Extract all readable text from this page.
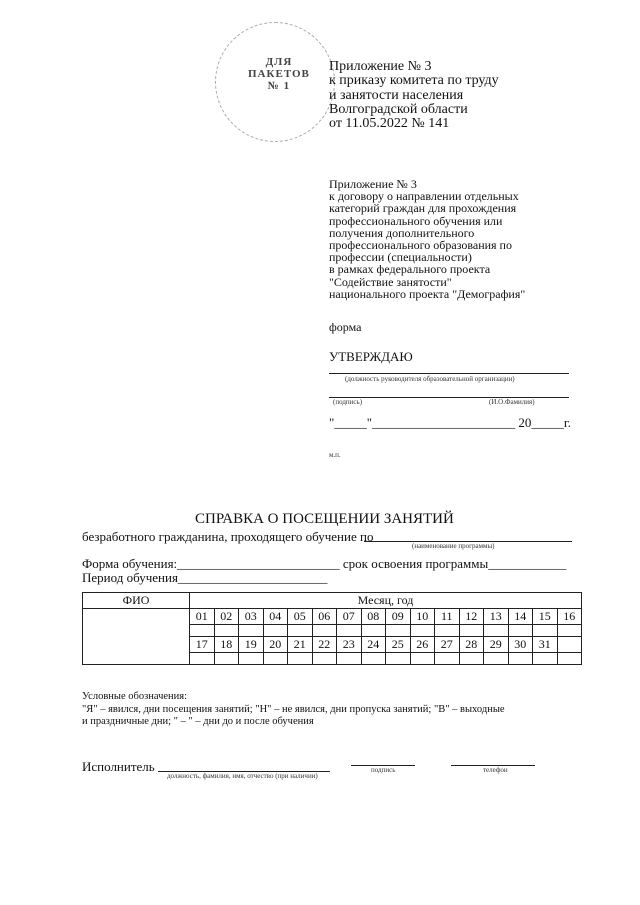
ДЛЯ
ПАКЕТОВ
№ 1
Приложение № 3
к приказу комитета по труду
и занятости населения
Волгоградской области
от 11.05.2022 № 141
Приложение № 3
к договору о направлении отдельных
категорий граждан для прохождения
профессионального обучения или
получения дополнительного
профессионального образования по
профессии (специальности)
в рамках федерального проекта
"Содействие занятости"
национального проекта "Демография"
форма
УТВЕРЖДАЮ
(должность руководителя образовательной организации)
(подпись)	(И.О.Фамилия)
"_____"______________________ 20_____г.
м.п.
СПРАВКА О ПОСЕЩЕНИИ ЗАНЯТИЙ
безработного гражданина, проходящего обучение по
(наименование программы)
Форма обучения:_________________________ срок освоения программы____________
Период обучения_______________________
ФИО	Месяц, год															
	01	02	03	04	05	06	07	08	09	10	11	12	13	14	15	16

	17	18	19	20	21	22	23	24	25	26	27	28	29	30	31	

Условные обозначения:
"Я" – явился, дни посещения занятий; "Н" – не явился, дни пропуска занятий; "В" – выходные
и праздничные дни; " – " – дни до и после обучения
Исполнитель
должность, фамилия, имя, отчество (при наличии)
подпись	телефон
